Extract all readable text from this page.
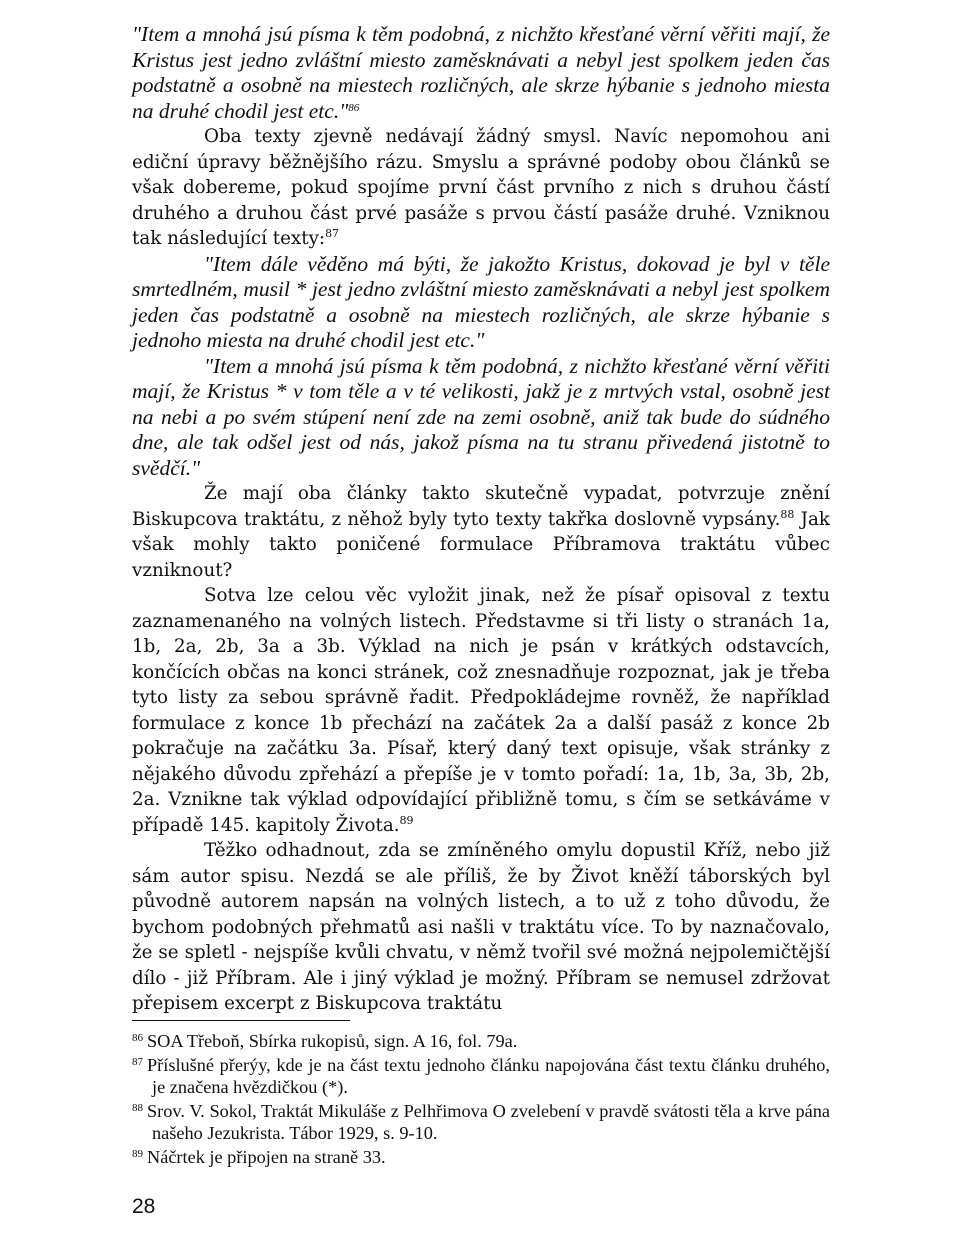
"Item a mnohá jsú písma k těm podobná, z nichžto křesťané věrní věřiti mají, že Kristus jest jedno zvláštní miesto zaměsknávati a nebyl jest spolkem jeden čas podstatně a osobně na miestech rozličných, ale skrze hýbanie s jednoho miesta na druhé chodil jest etc."$^{86}$

Oba texty zjevně nedávají žádný smysl. Navíc nepomohou ani ediční úpravy běžnějšího rázu. Smyslu a správné podoby obou článků se však dobereme, pokud spojíme první část prvního z nich s druhou částí druhého a druhou část prvé pasáže s prvou částí pasáže druhé. Vzniknou tak následující texty:$^{87}$

"Item dále věděno má býti, že jakožto Kristus, dokovad je byl v těle smrtedlném, musil * jest jedno zvláštní miesto zaměsknávati a nebyl jest spolkem jeden čas podstatně a osobně na miestech rozličných, ale skrze hýbanie s jednoho miesta na druhé chodil jest etc."

"Item a mnohá jsú písma k těm podobná, z nichžto křesťané věrní věřiti mají, že Kristus * v tom těle a v té velikosti, jakž je z mrtvých vstal, osobně jest na nebi a po svém stúpení není zde na zemi osobně, aniž tak bude do súdného dne, ale tak odšel jest od nás, jakož písma na tu stranu přivedená jistotně to svědčí."

Že mají oba články takto skutečně vypadat, potvrzuje znění Biskupcova traktátu, z něhož byly tyto texty takřka doslovně vypsány.$^{88}$ Jak však mohly takto poničené formulace Příbramova traktátu vůbec vzniknout?

Sotva lze celou věc vyložit jinak, než že písař opisoval z textu zaznamenaného na volných listech. Představme si tři listy o stranách 1a, 1b, 2a, 2b, 3a a 3b. Výklad na nich je psán v krátkých odstavcích, končících občas na konci stránek, což znesnadňuje rozpoznat, jak je třeba tyto listy za sebou správně řadit. Předpokládejme rovněž, že například formulace z konce 1b přechází na začátek 2a a další pasáž z konce 2b pokračuje na začátku 3a. Písař, který daný text opisuje, však stránky z nějakého důvodu zpřehází a přepíše je v tomto pořadí: 1a, 1b, 3a, 3b, 2b, 2a. Vznikne tak výklad odpovídající přibližně tomu, s čím se setkáváme v případě 145. kapitoly Života.$^{89}$

Těžko odhadnout, zda se zmíněného omylu dopustil Kříž, nebo již sám autor spisu. Nezdá se ale příliš, že by Život kněží táborských byl původně autorem napsán na volných listech, a to už z toho důvodu, že bychom podobných přehmatů asi našli v traktátu více. To by naznačovalo, že se spletl - nejspíše kvůli chvatu, v němž tvořil své možná nejpolemičtější dílo - již Příbram. Ale i jiný výklad je možný. Příbram se nemusel zdržovat přepisem excerpt z Biskupcova traktátu

$^{86}$ SOA Třeboň, Sbírka rukopisů, sign. A 16, fol. 79a.

$^{87}$ Příslušné přerýy, kde je na část textu jednoho článku napojována část textu článku druhého, je značena hvězdičkou (*).

$^{88}$ Srov. V. Sokol, Traktát Mikuláše z Pelhřimova O zvelebení v pravdě svátosti těla a krve pána našeho Jezukrista. Tábor 1929, s. 9-10.

$^{89}$ Náčrtek je připojen na straně 33.

28
